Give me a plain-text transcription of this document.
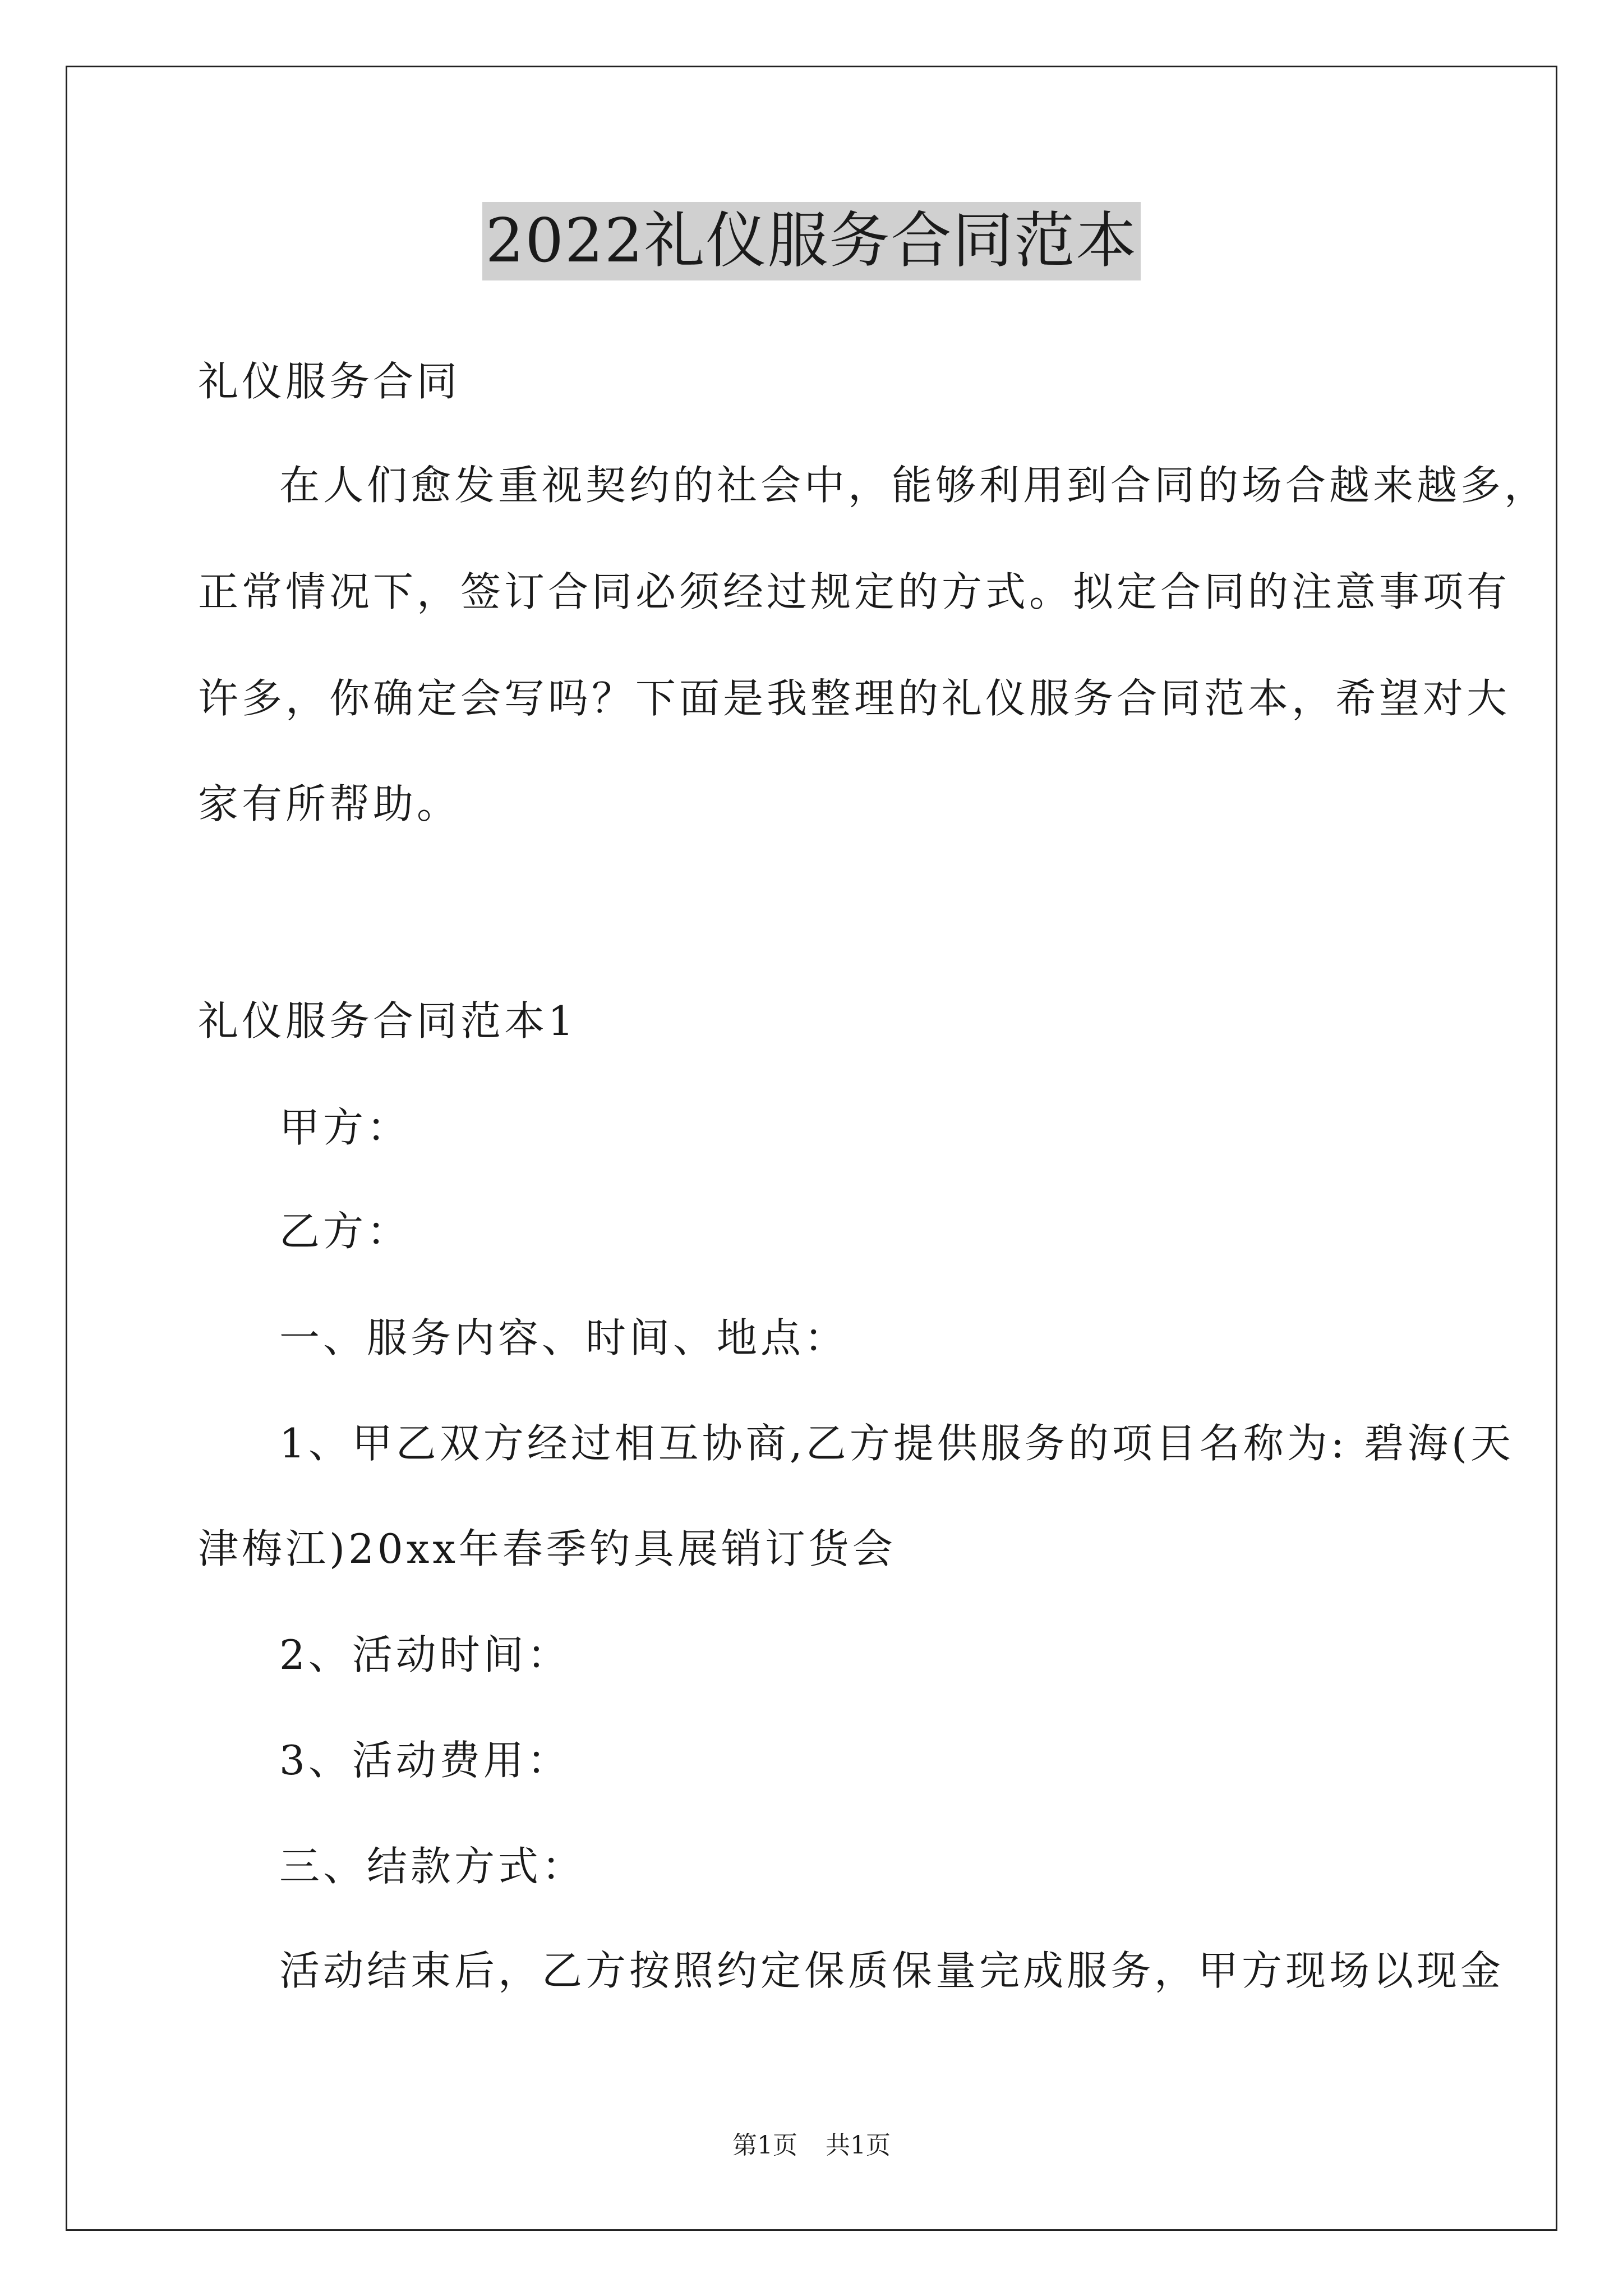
2022礼仪服务合同范本
礼仪服务合同
在人们愈发重视契约的社会中，能够利用到合同的场合越来越多，
正常情况下，签订合同必须经过规定的方式。拟定合同的注意事项有
许多，你确定会写吗？下面是我整理的礼仪服务合同范本，希望对大
家有所帮助。
礼仪服务合同范本1
甲方：
乙方：
一、服务内容、时间、地点：
1、甲乙双方经过相互协商,乙方提供服务的项目名称为: 碧海(天
津梅江)20xx年春季钓具展销订货会
2、活动时间：
3、活动费用：
三、结款方式：
活动结束后，乙方按照约定保质保量完成服务，甲方现场以现金
第1页 共1页
